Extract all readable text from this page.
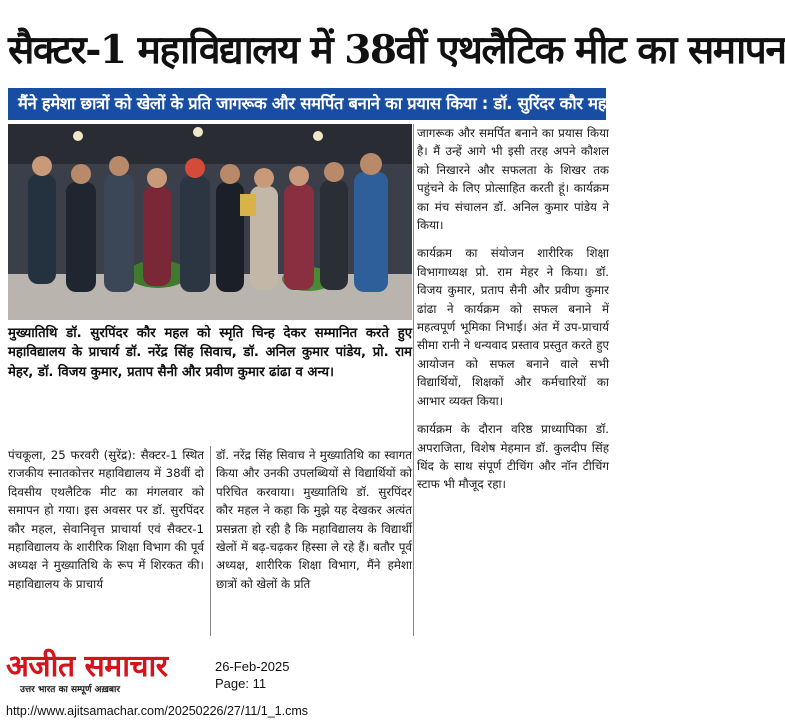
सैक्टर-1 महाविद्यालय में 38वीं एथलैटिक मीट का समापन
मैंने हमेशा छात्रों को खेलों के प्रति जागरूक और समर्पित बनाने का प्रयास किया : डॉ. सुरिंदर कौर महल

जागरूक और समर्पित बनाने का प्रयास किया है। मैं उन्हें आगे भी इसी तरह अपने कौशल को निखारने और सफलता के शिखर तक पहुंचने के लिए प्रोत्साहित करती हूं। कार्यक्रम का मंच संचालन डॉ. अनिल कुमार पांडेय ने किया।

कार्यक्रम का संयोजन शारीरिक शिक्षा विभागाध्यक्ष प्रो. राम मेहर ने किया। डॉ. विजय कुमार, प्रताप सैनी और प्रवीण कुमार ढांढा ने कार्यक्रम को सफल बनाने में महत्वपूर्ण भूमिका निभाई। अंत में उप-प्राचार्य सीमा रानी ने धन्यवाद प्रस्ताव प्रस्तुत करते हुए आयोजन को सफल बनाने वाले सभी विद्यार्थियों, शिक्षकों और कर्मचारियों का आभार व्यक्त किया।

कार्यक्रम के दौरान वरिष्ठ प्राध्यापिका डॉ. अपराजिता, विशेष मेहमान डॉ. कुलदीप सिंह थिंद के साथ संपूर्ण टीचिंग और नॉन टीचिंग स्टाफ भी मौजूद रहा।

मुख्यातिथि डॉ. सुरपिंदर कौर महल को स्मृति चिन्ह देकर सम्मानित करते हुए महाविद्यालय के प्राचार्य डॉ. नरेंद्र सिंह सिवाच, डॉ. अनिल कुमार पांडेय, प्रो. राम मेहर, डॉ. विजय कुमार, प्रताप सैनी और प्रवीण कुमार ढांढा व अन्य।

पंचकूला, 25 फरवरी (सुरेंद्र): सैक्टर-1 स्थित राजकीय स्नातकोत्तर महाविद्यालय में 38वीं दो दिवसीय एथलैटिक मीट का मंगलवार को समापन हो गया। इस अवसर पर डॉ. सुरपिंदर कौर महल, सेवानिवृत्त प्राचार्या एवं सैक्टर-1 महाविद्यालय के शारीरिक शिक्षा विभाग की पूर्व अध्यक्ष ने मुख्यातिथि के रूप में शिरकत की। महाविद्यालय के प्राचार्य

डॉ. नरेंद्र सिंह सिवाच ने मुख्यातिथि का स्वागत किया और उनकी उपलब्धियों से विद्यार्थियों को परिचित करवाया। मुख्यातिथि डॉ. सुरपिंदर कौर महल ने कहा कि मुझे यह देखकर अत्यंत प्रसन्नता हो रही है कि महाविद्यालय के विद्यार्थी खेलों में बढ़-चढ़कर हिस्सा ले रहे हैं। बतौर पूर्व अध्यक्ष, शारीरिक शिक्षा विभाग, मैंने हमेशा छात्रों को खेलों के प्रति

अजीत समाचार
उत्तर भारत का सम्पूर्ण अख़बार
26-Feb-2025
Page: 11
http://www.ajitsamachar.com/20250226/27/11/1_1.cms
